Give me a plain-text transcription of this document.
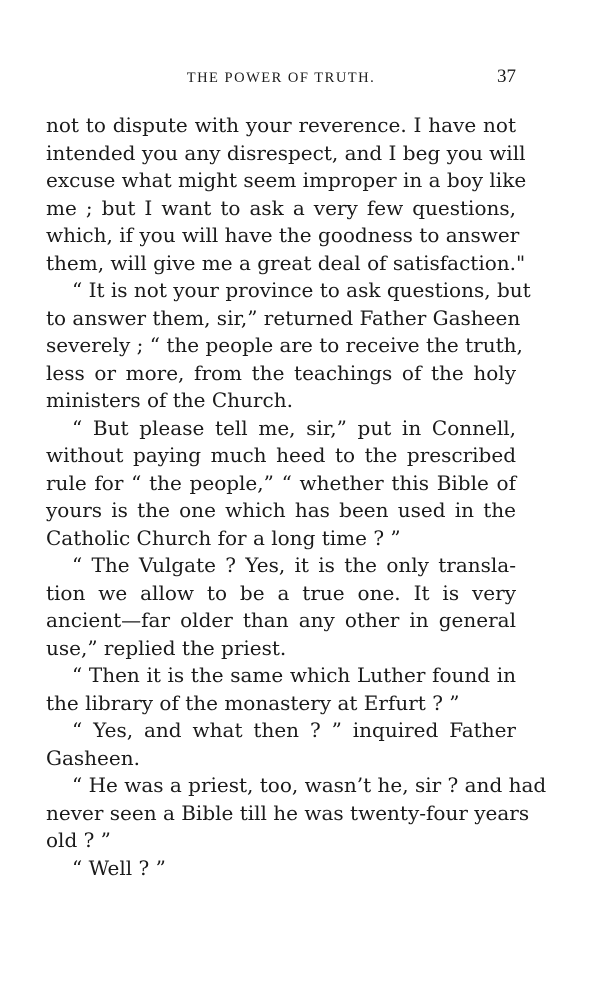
THE POWER OF TRUTH.	37
not to dispute with your reverence. I have not
intended you any disrespect, and I beg you will
excuse what might seem improper in a boy like
me ; but I want to ask a very few questions,
which, if you will have the goodness to answer
them, will give me a great deal of satisfaction."
“ It is not your province to ask questions, but
to answer them, sir,” returned Father Gasheen
severely ; “ the people are to receive the truth,
less or more, from the teachings of the holy
ministers of the Church.
“ But please tell me, sir,” put in Connell,
without paying much heed to the prescribed
rule for “ the people,” “ whether this Bible of
yours is the one which has been used in the
Catholic Church for a long time ? ”
“ The Vulgate ? Yes, it is the only transla-
tion we allow to be a true one. It is very
ancient—far older than any other in general
use,” replied the priest.
“ Then it is the same which Luther found in
the library of the monastery at Erfurt ? ”
“ Yes, and what then ? ” inquired Father
Gasheen.
“ He was a priest, too, wasn’t he, sir ? and had
never seen a Bible till he was twenty-four years
old ? ”
“ Well ? ”
